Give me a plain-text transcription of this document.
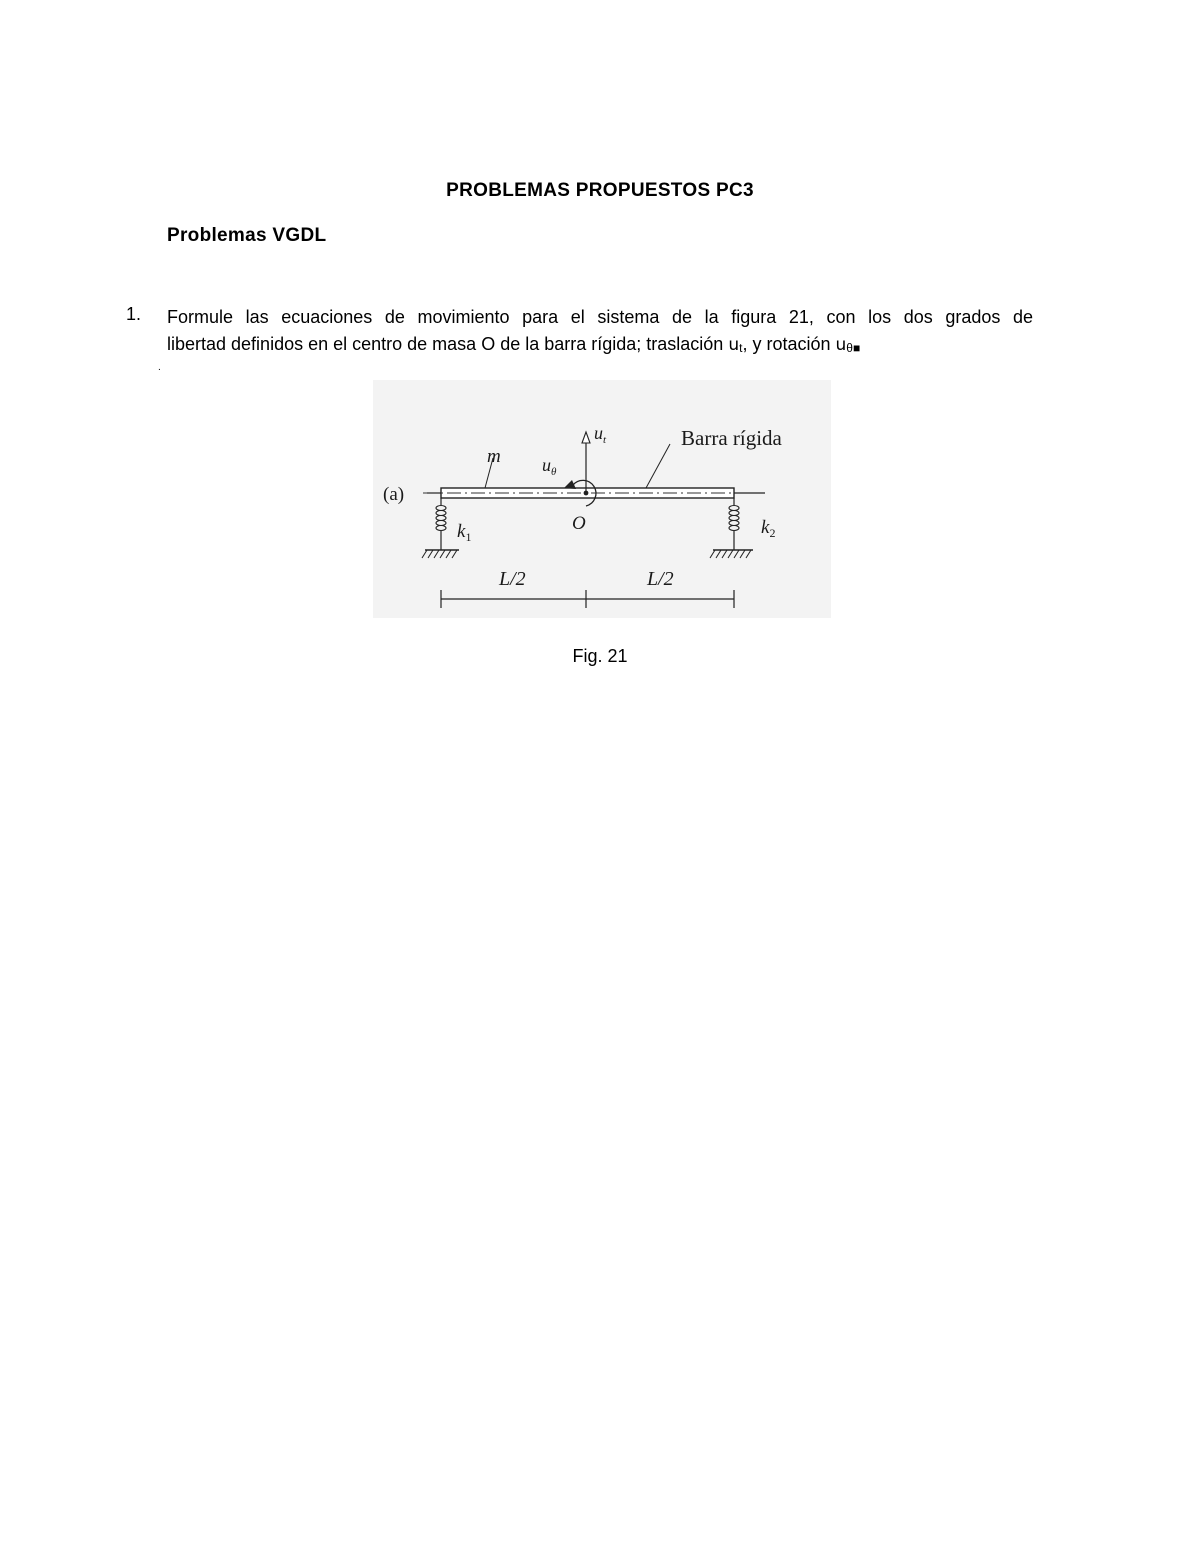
PROBLEMAS PROPUESTOS PC3
Problemas VGDL
1. Formule las ecuaciones de movimiento para el sistema de la figura 21, con los dos grados de
libertad definidos en el centro de masa O de la barra rígida; traslación ut, y rotación uθ■
.
(a)
m $u_\theta$
$u_t$	Barra rígida
O
$k_1$	$k_2$
L/2	L/2
Fig. 21
